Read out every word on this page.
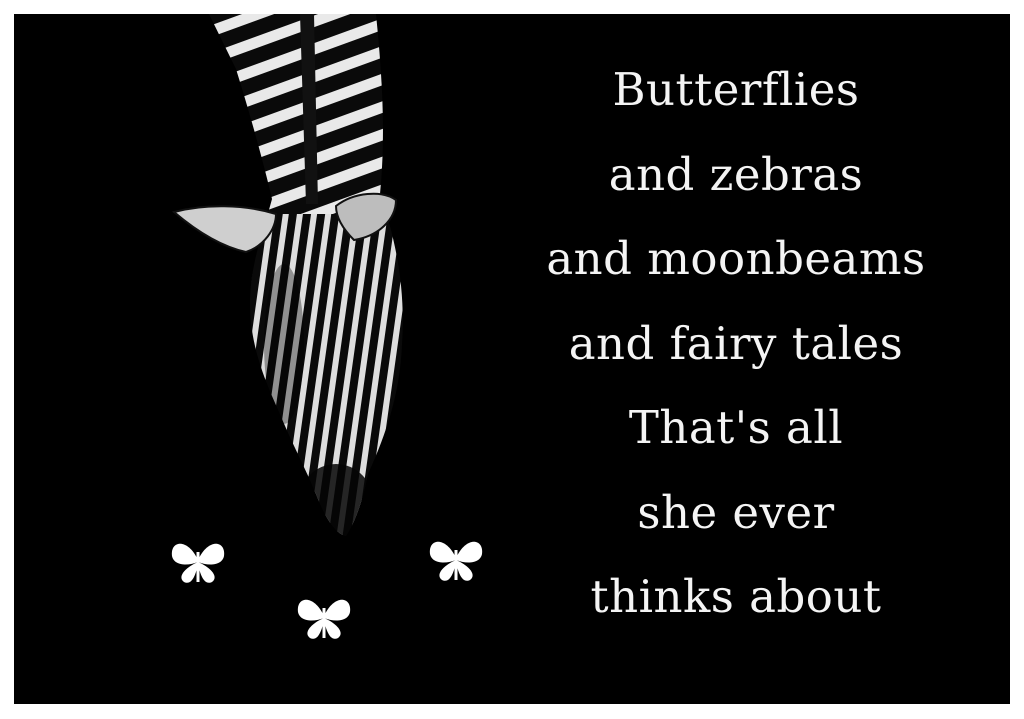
Butterflies
and zebras
and moonbeams
and fairy tales
That's all
she ever
thinks about
